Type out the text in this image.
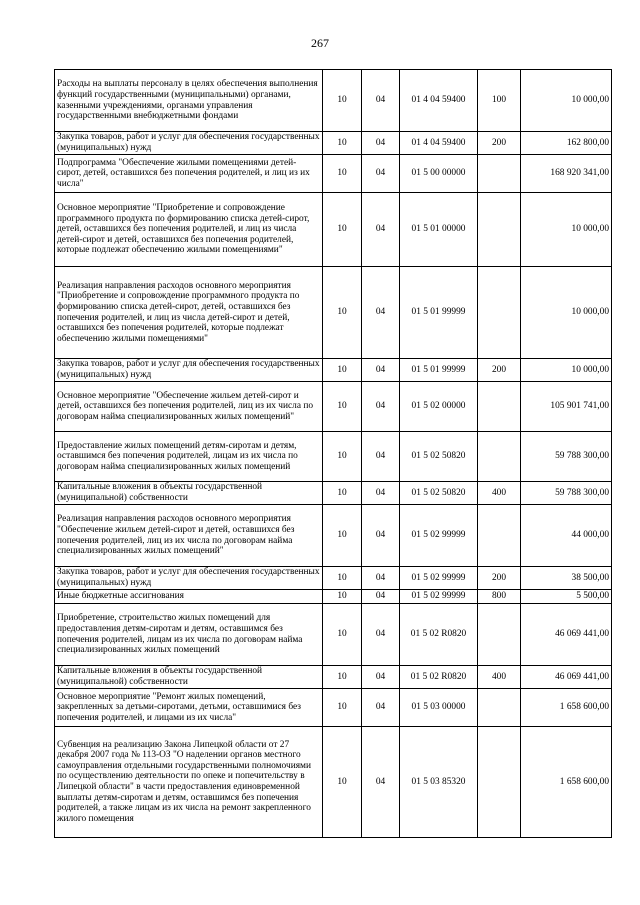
267
Расходы на выплаты персоналу в целях обеспечения выполнения функций государственными (муниципальными) органами, казенными учреждениями, органами управления государственными внебюджетными фондами	10	04	01 4 04 59400	100	10 000,00
Закупка товаров, работ и услуг для обеспечения государственных (муниципальных) нужд	10	04	01 4 04 59400	200	162 800,00
Подпрограмма "Обеспечение жилыми помещениями детей-сирот, детей, оставшихся без попечения родителей, и лиц из их числа"	10	04	01 5 00 00000		168 920 341,00
Основное мероприятие "Приобретение и сопровождение программного продукта по формированию списка детей-сирот, детей, оставшихся без попечения родителей, и лиц из числа детей-сирот и детей, оставшихся без попечения родителей, которые подлежат обеспечению жилыми помещениями"	10	04	01 5 01 00000		10 000,00
Реализация направления расходов основного мероприятия "Приобретение и сопровождение программного продукта по формированию списка детей-сирот, детей, оставшихся без попечения родителей, и лиц из числа детей-сирот и детей, оставшихся без попечения родителей, которые подлежат обеспечению жилыми помещениями"	10	04	01 5 01 99999		10 000,00
Закупка товаров, работ и услуг для обеспечения государственных (муниципальных) нужд	10	04	01 5 01 99999	200	10 000,00
Основное мероприятие "Обеспечение жильем детей-сирот и детей, оставшихся без попечения родителей, лиц из их числа по договорам найма специализированных жилых помещений"	10	04	01 5 02 00000		105 901 741,00
Предоставление жилых помещений детям-сиротам и детям, оставшимся без попечения родителей, лицам из их числа по договорам найма специализированных жилых помещений	10	04	01 5 02 50820		59 788 300,00
Капитальные вложения в объекты государственной (муниципальной) собственности	10	04	01 5 02 50820	400	59 788 300,00
Реализация направления расходов основного мероприятия "Обеспечение жильем детей-сирот и детей, оставшихся без попечения родителей, лиц из их числа по договорам найма специализированных жилых помещений"	10	04	01 5 02 99999		44 000,00
Закупка товаров, работ и услуг для обеспечения государственных (муниципальных) нужд	10	04	01 5 02 99999	200	38 500,00
Иные бюджетные ассигнования	10	04	01 5 02 99999	800	5 500,00
Приобретение, строительство жилых помещений для предоставления детям-сиротам и детям, оставшимся без попечения родителей, лицам из их числа по договорам найма специализированных жилых помещений	10	04	01 5 02 R0820		46 069 441,00
Капитальные вложения в объекты государственной (муниципальной) собственности	10	04	01 5 02 R0820	400	46 069 441,00
Основное мероприятие "Ремонт жилых помещений, закрепленных за детьми-сиротами, детьми, оставшимися без попечения родителей, и лицами из их числа"	10	04	01 5 03 00000		1 658 600,00
Субвенция на реализацию Закона Липецкой области от 27 декабря 2007 года № 113-ОЗ "О наделении органов местного самоуправления отдельными государственными полномочиями по осуществлению деятельности по опеке и попечительству в Липецкой области" в части предоставления единовременной выплаты детям-сиротам и детям, оставшимся без попечения родителей, а также лицам из их числа на ремонт закрепленного жилого помещения	10	04	01 5 03 85320		1 658 600,00
